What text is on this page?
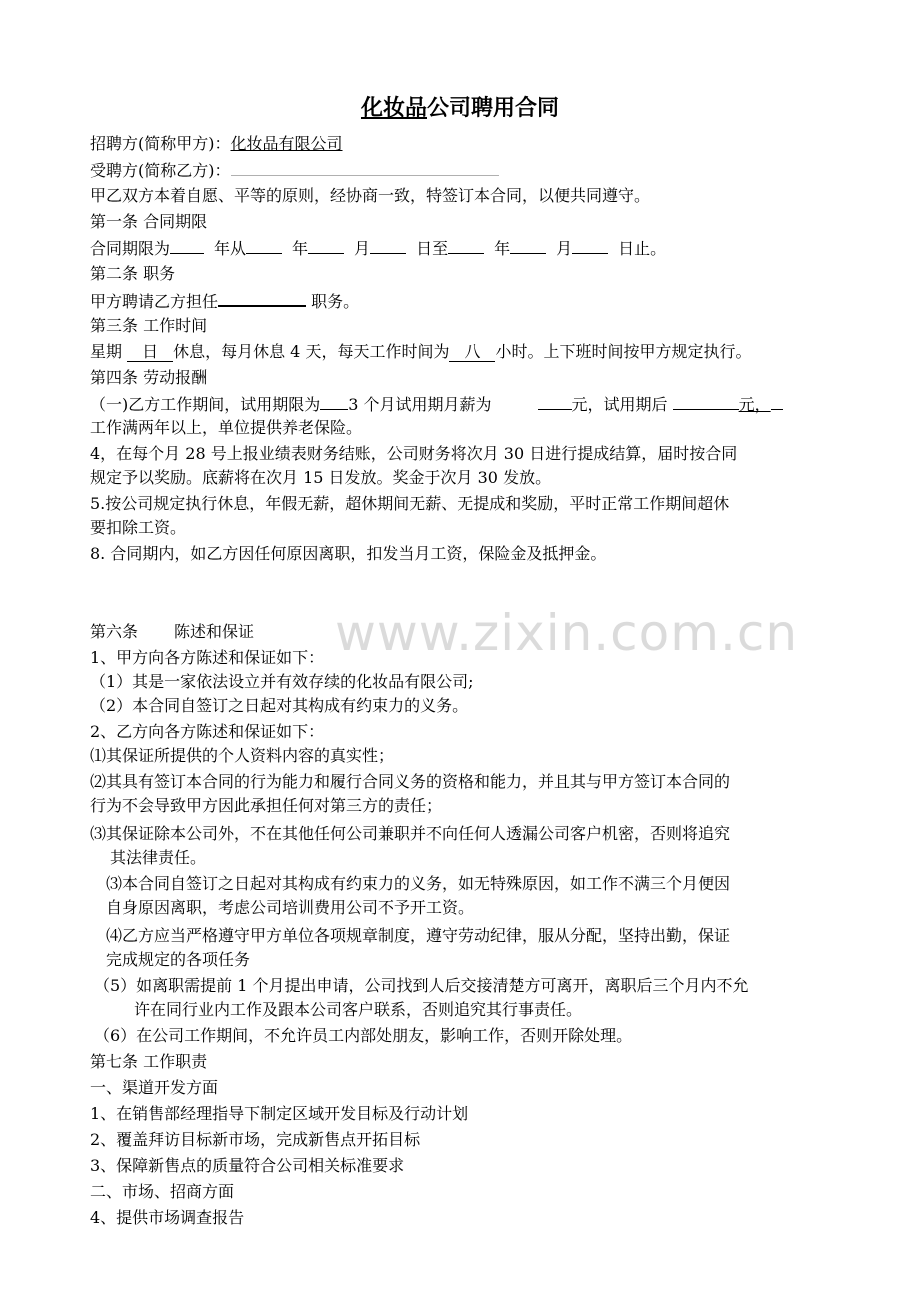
化妆品公司聘用合同
招聘方(简称甲方)：化妆品有限公司
受聘方(简称乙方)：
甲乙双方本着自愿、平等的原则，经协商一致，特签订本合同，以便共同遵守。
第一条 合同期限
合同期限为	年从	年	月	日至	年	月	日止。
第二条 职务
甲方聘请乙方担任	职务。
第三条 工作时间
星期 日 休息，每月休息 4 天，每天工作时间为 八 小时。上下班时间按甲方规定执行。
第四条 劳动报酬
（一)乙方工作期间，试用期限为 3 个月试用期月薪为	元，试用期后	元，
工作满两年以上，单位提供养老保险。
4，在每个月 28 号上报业绩表财务结账，公司财务将次月 30 日进行提成结算，届时按合同
规定予以奖励。底薪将在次月 15 日发放。奖金于次月 30 发放。
5.按公司规定执行休息，年假无薪，超休期间无薪、无提成和奖励，平时正常工作期间超休
要扣除工资。
8. 合同期内，如乙方因任何原因离职，扣发当月工资，保险金及抵押金。
www.zixin.com.cn
第六条 陈述和保证
1、甲方向各方陈述和保证如下：
（1）其是一家依法设立并有效存续的化妆品有限公司;
（2）本合同自签订之日起对其构成有约束力的义务。
2、乙方向各方陈述和保证如下：
⑴其保证所提供的个人资料内容的真实性；
⑵其具有签订本合同的行为能力和履行合同义务的资格和能力，并且其与甲方签订本合同的
行为不会导致甲方因此承担任何对第三方的责任；
⑶其保证除本公司外，不在其他任何公司兼职并不向任何人透漏公司客户机密，否则将追究
其法律责任。
⑶本合同自签订之日起对其构成有约束力的义务，如无特殊原因，如工作不满三个月便因
自身原因离职，考虑公司培训费用公司不予开工资。
⑷乙方应当严格遵守甲方单位各项规章制度，遵守劳动纪律，服从分配，坚持出勤，保证
完成规定的各项任务
（5）如离职需提前 1 个月提出申请，公司找到人后交接清楚方可离开，离职后三个月内不允
许在同行业内工作及跟本公司客户联系，否则追究其行事责任。
（6）在公司工作期间，不允许员工内部处朋友，影响工作，否则开除处理。
第七条 工作职责
一、渠道开发方面
1、在销售部经理指导下制定区域开发目标及行动计划
2、覆盖拜访目标新市场，完成新售点开拓目标
3、保障新售点的质量符合公司相关标准要求
二、市场、招商方面
4、提供市场调查报告
